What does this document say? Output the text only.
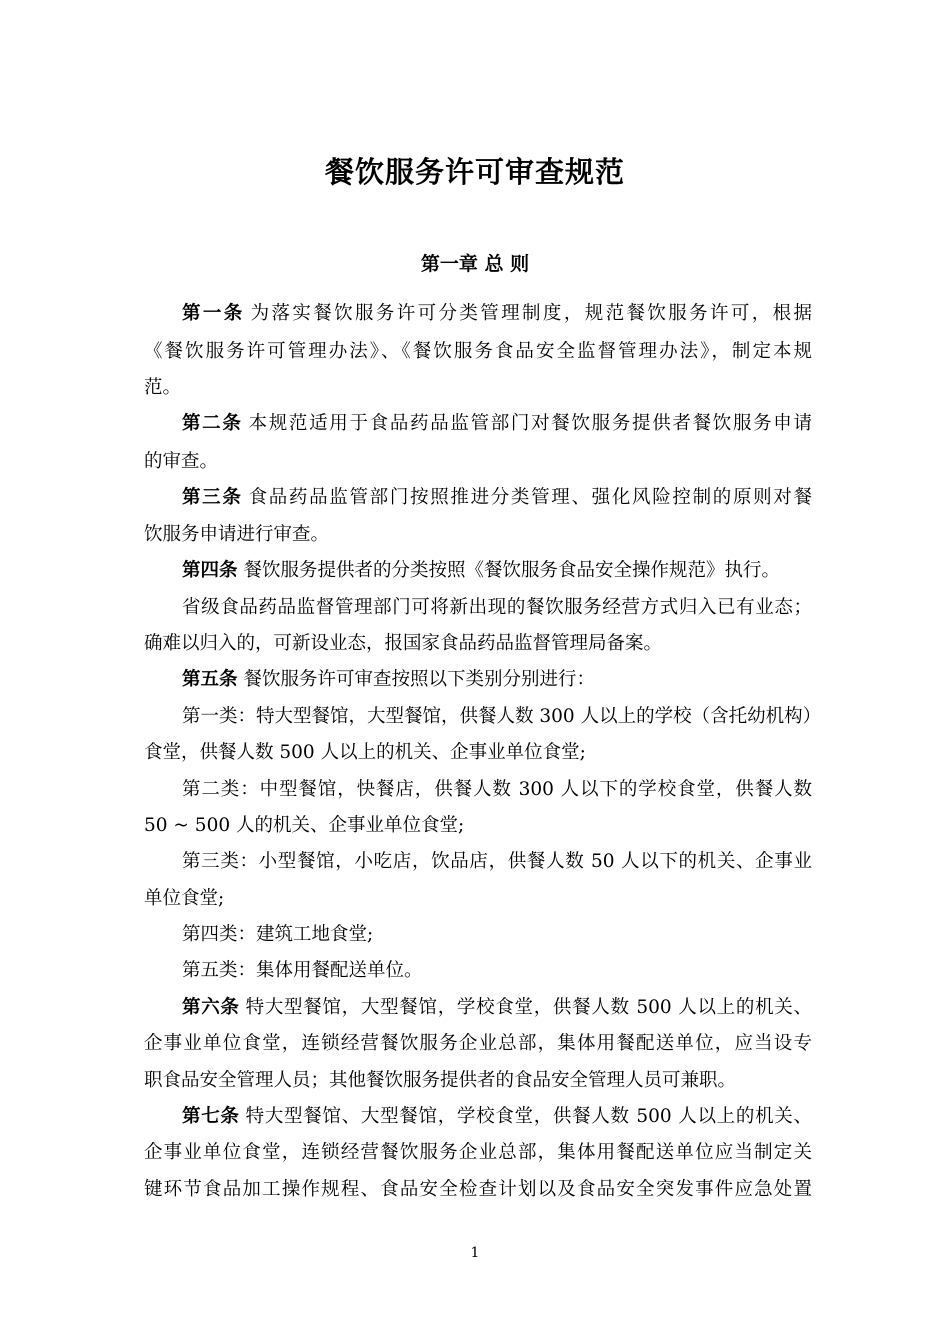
餐饮服务许可审查规范
第一章 总 则
第一条 为落实餐饮服务许可分类管理制度，规范餐饮服务许可，根据
《餐饮服务许可管理办法》、《餐饮服务食品安全监督管理办法》，制定本规
范。
第二条 本规范适用于食品药品监管部门对餐饮服务提供者餐饮服务申请
的审查。
第三条 食品药品监管部门按照推进分类管理、强化风险控制的原则对餐
饮服务申请进行审查。
第四条 餐饮服务提供者的分类按照《餐饮服务食品安全操作规范》执行。
省级食品药品监督管理部门可将新出现的餐饮服务经营方式归入已有业态；
确难以归入的，可新设业态，报国家食品药品监督管理局备案。
第五条 餐饮服务许可审查按照以下类别分别进行：
第一类：特大型餐馆，大型餐馆，供餐人数 300 人以上的学校（含托幼机构）
食堂，供餐人数 500 人以上的机关、企事业单位食堂;
第二类：中型餐馆，快餐店，供餐人数 300 人以下的学校食堂，供餐人数
50 ~ 500 人的机关、企事业单位食堂;
第三类：小型餐馆，小吃店，饮品店，供餐人数 50 人以下的机关、企事业
单位食堂;
第四类：建筑工地食堂;
第五类：集体用餐配送单位。
第六条 特大型餐馆，大型餐馆，学校食堂，供餐人数 500 人以上的机关、
企事业单位食堂，连锁经营餐饮服务企业总部，集体用餐配送单位，应当设专
职食品安全管理人员；其他餐饮服务提供者的食品安全管理人员可兼职。
第七条 特大型餐馆、大型餐馆，学校食堂，供餐人数 500 人以上的机关、
企事业单位食堂，连锁经营餐饮服务企业总部，集体用餐配送单位应当制定关
键环节食品加工操作规程、食品安全检查计划以及食品安全突发事件应急处置
1
